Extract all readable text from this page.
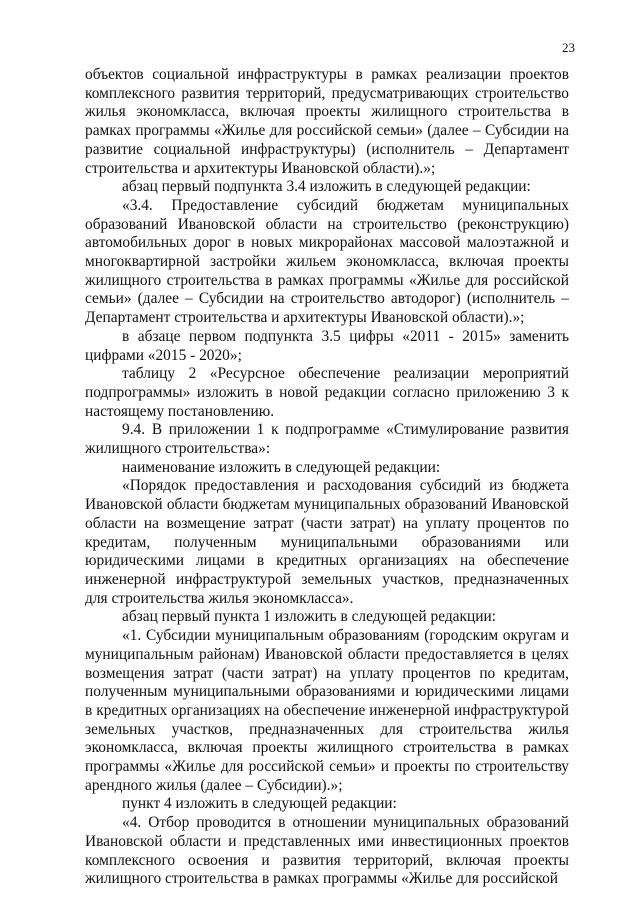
23

объектов социальной инфраструктуры в рамках реализации проектов комплексного развития территорий, предусматривающих строительство жилья экономкласса, включая проекты жилищного строительства в рамках программы «Жилье для российской семьи» (далее – Субсидии на развитие социальной инфраструктуры) (исполнитель – Департамент строительства и архитектуры Ивановской области).»;

абзац первый подпункта 3.4 изложить в следующей редакции:

«3.4. Предоставление субсидий бюджетам муниципальных образований Ивановской области на строительство (реконструкцию) автомобильных дорог в новых микрорайонах массовой малоэтажной и многоквартирной застройки жильем экономкласса, включая проекты жилищного строительства в рамках программы «Жилье для российской семьи» (далее – Субсидии на строительство автодорог) (исполнитель – Департамент строительства и архитектуры Ивановской области).»;

в абзаце первом подпункта 3.5 цифры «2011 - 2015» заменить цифрами «2015 - 2020»;

таблицу 2 «Ресурсное обеспечение реализации мероприятий подпрограммы» изложить в новой редакции согласно приложению 3 к настоящему постановлению.

9.4. В приложении 1 к подпрограмме «Стимулирование развития жилищного строительства»:

наименование изложить в следующей редакции:

«Порядок предоставления и расходования субсидий из бюджета Ивановской области бюджетам муниципальных образований Ивановской области на возмещение затрат (части затрат) на уплату процентов по кредитам, полученным муниципальными образованиями или юридическими лицами в кредитных организациях на обеспечение инженерной инфраструктурой земельных участков, предназначенных для строительства жилья экономкласса».

абзац первый пункта 1 изложить в следующей редакции:

«1. Субсидии муниципальным образованиям (городским округам и муниципальным районам) Ивановской области предоставляется в целях возмещения затрат (части затрат) на уплату процентов по кредитам, полученным муниципальными образованиями и юридическими лицами в кредитных организациях на обеспечение инженерной инфраструктурой земельных участков, предназначенных для строительства жилья экономкласса, включая проекты жилищного строительства в рамках программы «Жилье для российской семьи» и проекты по строительству арендного жилья (далее – Субсидии).»;

пункт 4 изложить в следующей редакции:

«4. Отбор проводится в отношении муниципальных образований Ивановской области и представленных ими инвестиционных проектов комплексного освоения и развития территорий, включая проекты жилищного строительства в рамках программы «Жилье для российской
